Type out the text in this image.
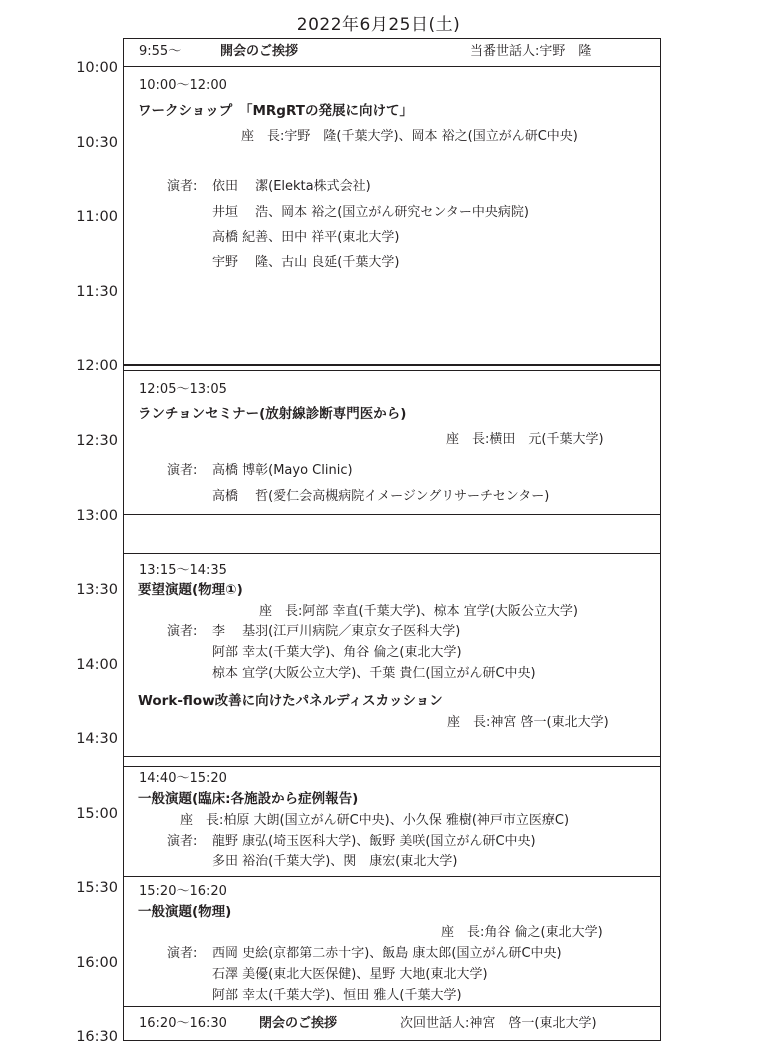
2022年6月25日(土)
10:00
10:30
11:00
11:30
12:00
12:30
13:00
13:30
14:00
14:30
15:00
15:30
16:00
16:30
9:55〜	開会のご挨拶	当番世話人:宇野　隆
10:00〜12:00
ワークショップ　「MRgRTの発展に向けて」
座　長:宇野　隆(千葉大学)、岡本 裕之(国立がん研C中央)
演者: 依田　 潔(Elekta株式会社)
井垣　 浩、岡本 裕之(国立がん研究センター中央病院)
高橋 紀善、田中 祥平(東北大学)
宇野　 隆、古山 良延(千葉大学)
12:05〜13:05
ランチョンセミナー(放射線診断専門医から)
座　長:横田　元(千葉大学)
演者: 高橋 博彰(Mayo Clinic)
高橋　 哲(愛仁会高槻病院イメージングリサーチセンター)
13:15〜14:35
要望演題(物理①)
座　長:阿部 幸直(千葉大学)、椋本 宜学(大阪公立大学)
演者: 李　 基羽(江戸川病院／東京女子医科大学)
阿部 幸太(千葉大学)、角谷 倫之(東北大学)
椋本 宜学(大阪公立大学)、千葉 貴仁(国立がん研C中央)
Work-flow改善に向けたパネルディスカッション
座　長:神宮 啓一(東北大学)
14:40〜15:20
一般演題(臨床:各施設から症例報告)
座　長:柏原 大朗(国立がん研C中央)、小久保 雅樹(神戸市立医療C)
演者: 龍野 康弘(埼玉医科大学)、飯野 美咲(国立がん研C中央)
多田 裕治(千葉大学)、関　康宏(東北大学)
15:20〜16:20
一般演題(物理)
座　長:角谷 倫之(東北大学)
演者: 西岡 史絵(京都第二赤十字)、飯島 康太郎(国立がん研C中央)
石澤 美優(東北大医保健)、星野 大地(東北大学)
阿部 幸太(千葉大学)、恒田 雅人(千葉大学)
16:20〜16:30 閉会のご挨拶	次回世話人:神宮　啓一(東北大学)
